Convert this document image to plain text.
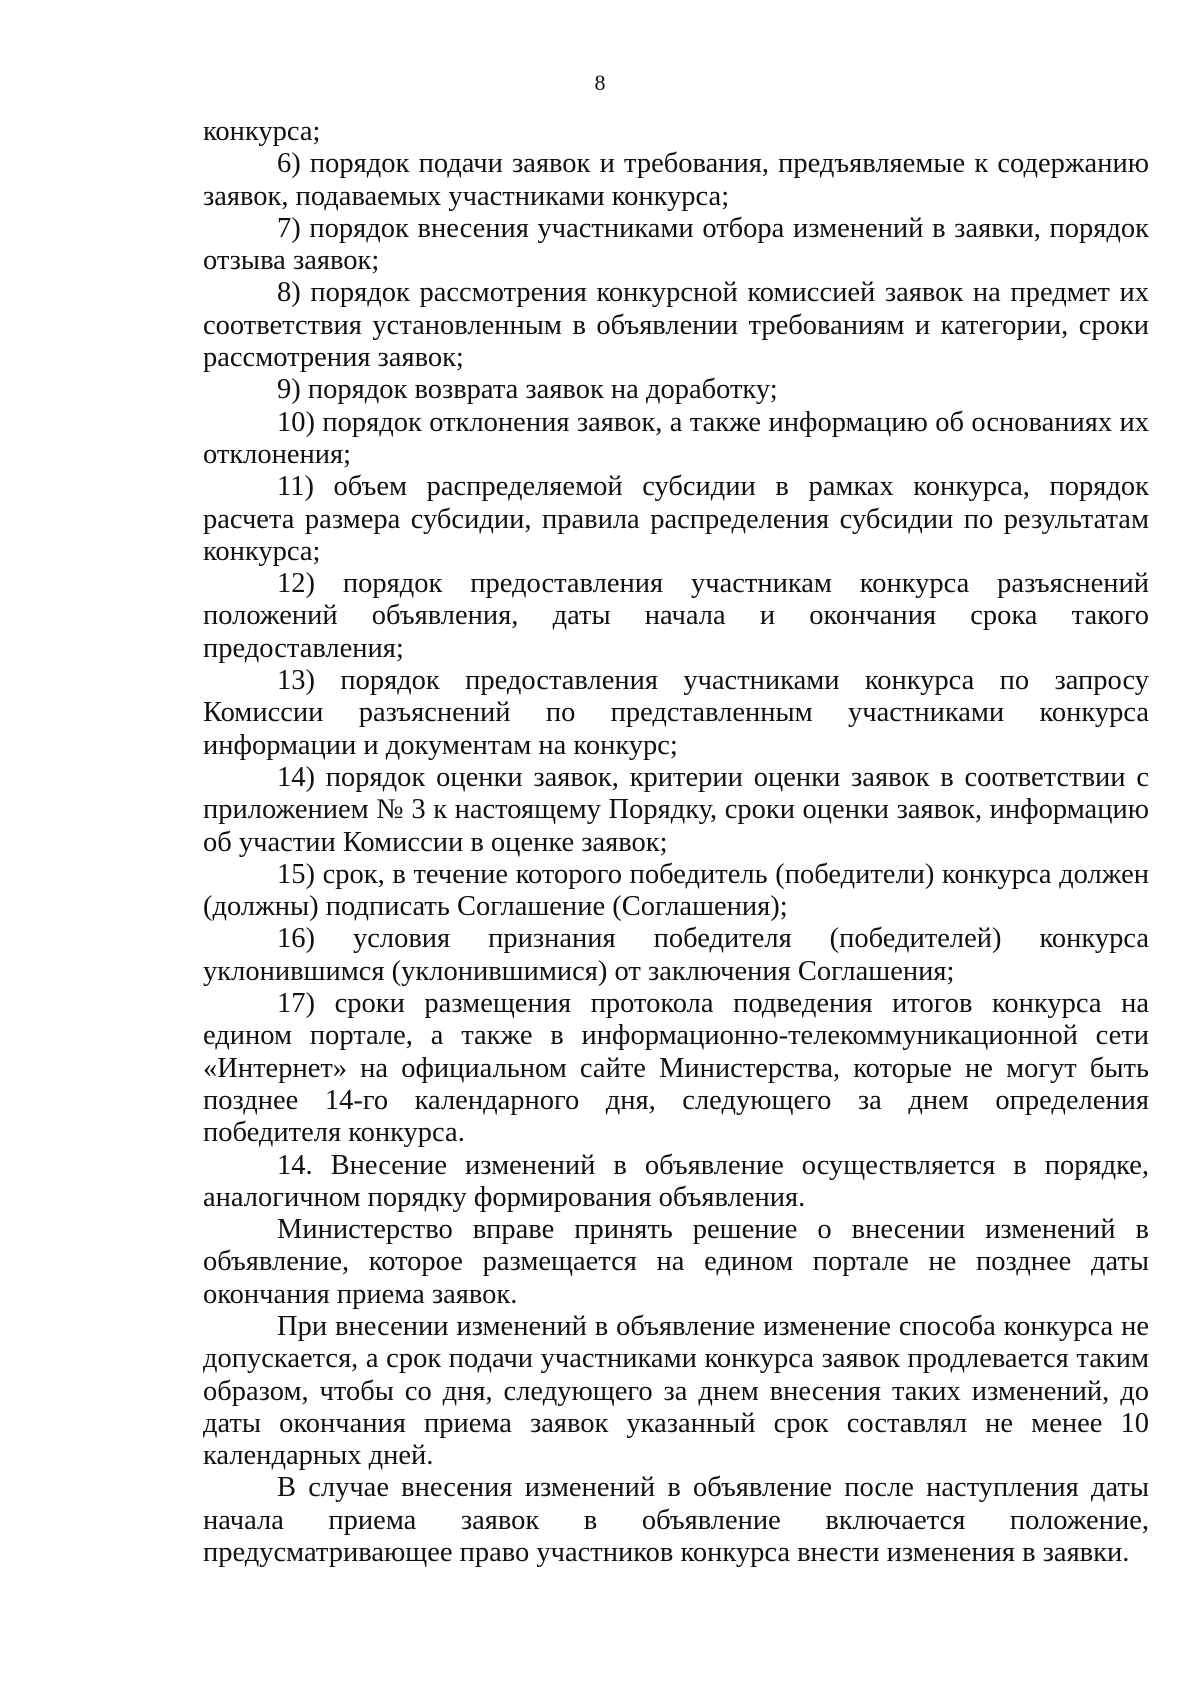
8

конкурса;

6) порядок подачи заявок и требования, предъявляемые к содержанию заявок, подаваемых участниками конкурса;

7) порядок внесения участниками отбора изменений в заявки, порядок отзыва заявок;

8) порядок рассмотрения конкурсной комиссией заявок на предмет их соответствия установленным в объявлении требованиям и категории, сроки рассмотрения заявок;

9) порядок возврата заявок на доработку;

10) порядок отклонения заявок, а также информацию об основаниях их отклонения;

11) объем распределяемой субсидии в рамках конкурса, порядок расчета размера субсидии, правила распределения субсидии по результатам конкурса;

12) порядок предоставления участникам конкурса разъяснений положений объявления, даты начала и окончания срока такого предоставления;

13) порядок предоставления участниками конкурса по запросу Комиссии разъяснений по представленным участниками конкурса информации и документам на конкурс;

14) порядок оценки заявок, критерии оценки заявок в соответствии с приложением № 3 к настоящему Порядку, сроки оценки заявок, информацию об участии Комиссии в оценке заявок;

15) срок, в течение которого победитель (победители) конкурса должен (должны) подписать Соглашение (Соглашения);

16) условия признания победителя (победителей) конкурса уклонившимся (уклонившимися) от заключения Соглашения;

17) сроки размещения протокола подведения итогов конкурса на едином портале, а также в информационно-телекоммуникационной сети «Интернет» на официальном сайте Министерства, которые не могут быть позднее 14-го календарного дня, следующего за днем определения победителя конкурса.

14. Внесение изменений в объявление осуществляется в порядке, аналогичном порядку формирования объявления.

Министерство вправе принять решение о внесении изменений в объявление, которое размещается на едином портале не позднее даты окончания приема заявок.

При внесении изменений в объявление изменение способа конкурса не допускается, а срок подачи участниками конкурса заявок продлевается таким образом, чтобы со дня, следующего за днем внесения таких изменений, до даты окончания приема заявок указанный срок составлял не менее 10 календарных дней.

В случае внесения изменений в объявление после наступления даты начала приема заявок в объявление включается положение, предусматривающее право участников конкурса внести изменения в заявки.
